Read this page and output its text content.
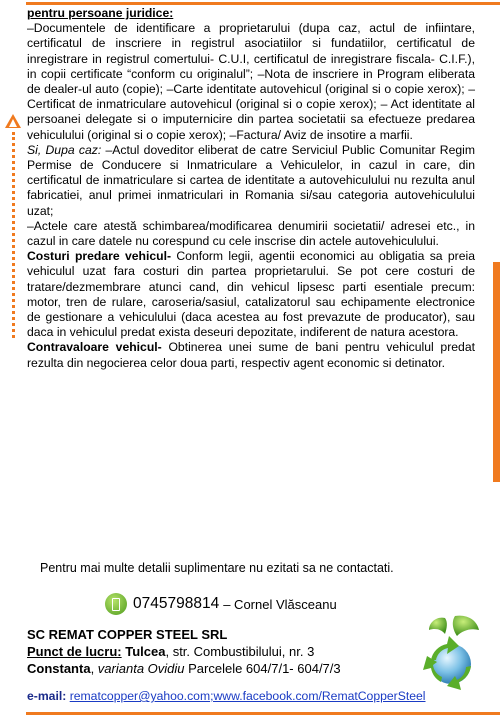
pentru persoane juridice:

–Documentele de identificare a proprietarului (dupa caz, actul de infiintare, certificatul de inscriere in registrul asociatiilor si fundatiilor, certificatul de inregistrare in registrul comertului- C.U.I, certificatul de inregistrare fiscala- C.I.F.), in copii certificate “conform cu originalul”; –Nota de inscriere in Program eliberata de dealer-ul auto (copie); –Carte identitate autovehicul (original si o copie xerox); – Certificat de inmatriculare autovehicul (original si o copie xerox); – Act identitate al persoanei delegate si o imputernicire din partea societatii sa efectueze predarea vehiculului (original si o copie xerox); –Factura/ Aviz de insotire a marfii.

Si, Dupa caz: –Actul doveditor eliberat de catre Serviciul Public Comunitar Regim Permise de Conducere si Inmatriculare a Vehiculelor, in cazul in care, din certificatul de inmatriculare si cartea de identitate a autovehiculului nu rezulta anul fabricatiei, anul primei inmatriculari in Romania si/sau categoria autovehiculului uzat;

–Actele care atestă schimbarea/modificarea denumirii societatii/ adresei etc., in cazul in care datele nu corespund cu cele inscrise din actele autovehiculului.

Costuri predare vehicul- Conform legii, agentii economici au obligatia sa preia vehiculul uzat fara costuri din partea proprietarului. Se pot cere costuri de tratare/dezmembrare atunci cand, din vehicul lipsesc parti esentiale precum: motor, tren de rulare, caroseria/sasiul, catalizatorul sau echipamente electronice de gestionare a vehiculului (daca acestea au fost prevazute de producator), sau daca in vehiculul predat exista deseuri depozitate, indiferent de natura acestora.

Contravaloare vehicul- Obtinerea unei sume de bani pentru vehiculul predat rezulta din negocierea celor doua parti, respectiv agent economic si detinator.

Pentru mai multe detalii suplimentare nu ezitati sa ne contactati.
0745798814 – Cornel Vlăsceanu
SC REMAT COPPER STEEL SRL
Punct de lucru: Tulcea, str. Combustibilului, nr. 3
Constanta, varianta Ovidiu Parcelele 604/7/1- 604/7/3
e-mail: rematcopper@yahoo.com;www.facebook.com/RematCopperSteel
